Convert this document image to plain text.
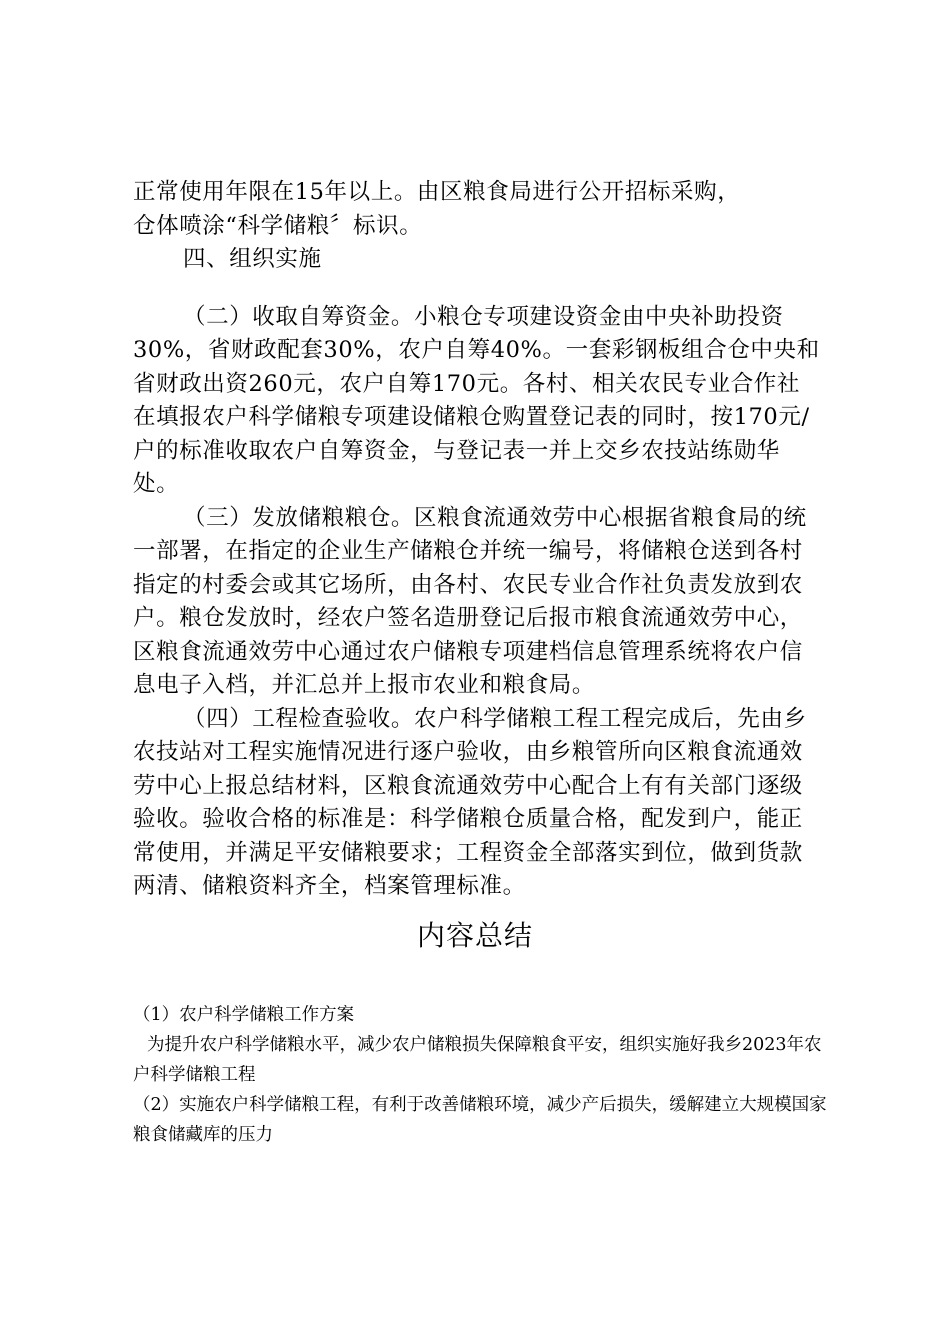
正常使用年限在15年以上。由区粮食局进行公开招标采购，

仓体喷涂“科学储粮〞标识。

四、组织实施

（二）收取自筹资金。小粮仓专项建设资金由中央补助投资30%，省财政配套30%，农户自筹40%。一套彩钢板组合仓中央和省财政出资260元，农户自筹170元。各村、相关农民专业合作社在填报农户科学储粮专项建设储粮仓购置登记表的同时，按170元/户的标准收取农户自筹资金，与登记表一并上交乡农技站练勋华处。

（三）发放储粮粮仓。区粮食流通效劳中心根据省粮食局的统一部署，在指定的企业生产储粮仓并统一编号，将储粮仓送到各村指定的村委会或其它场所，由各村、农民专业合作社负责发放到农户。粮仓发放时，经农户签名造册登记后报市粮食流通效劳中心，区粮食流通效劳中心通过农户储粮专项建档信息管理系统将农户信息电子入档，并汇总并上报市农业和粮食局。

（四）工程检查验收。农户科学储粮工程工程完成后，先由乡农技站对工程实施情况进行逐户验收，由乡粮管所向区粮食流通效劳中心上报总结材料，区粮食流通效劳中心配合上有有关部门逐级验收。验收合格的标准是：科学储粮仓质量合格，配发到户，能正常使用，并满足平安储粮要求；工程资金全部落实到位，做到货款两清、储粮资料齐全，档案管理标准。

内容总结

（1）农户科学储粮工作方案

为提升农户科学储粮水平，减少农户储粮损失保障粮食平安，组织实施好我乡2023年农户科学储粮工程

（2）实施农户科学储粮工程，有利于改善储粮环境，减少产后损失，缓解建立大规模国家粮食储藏库的压力
